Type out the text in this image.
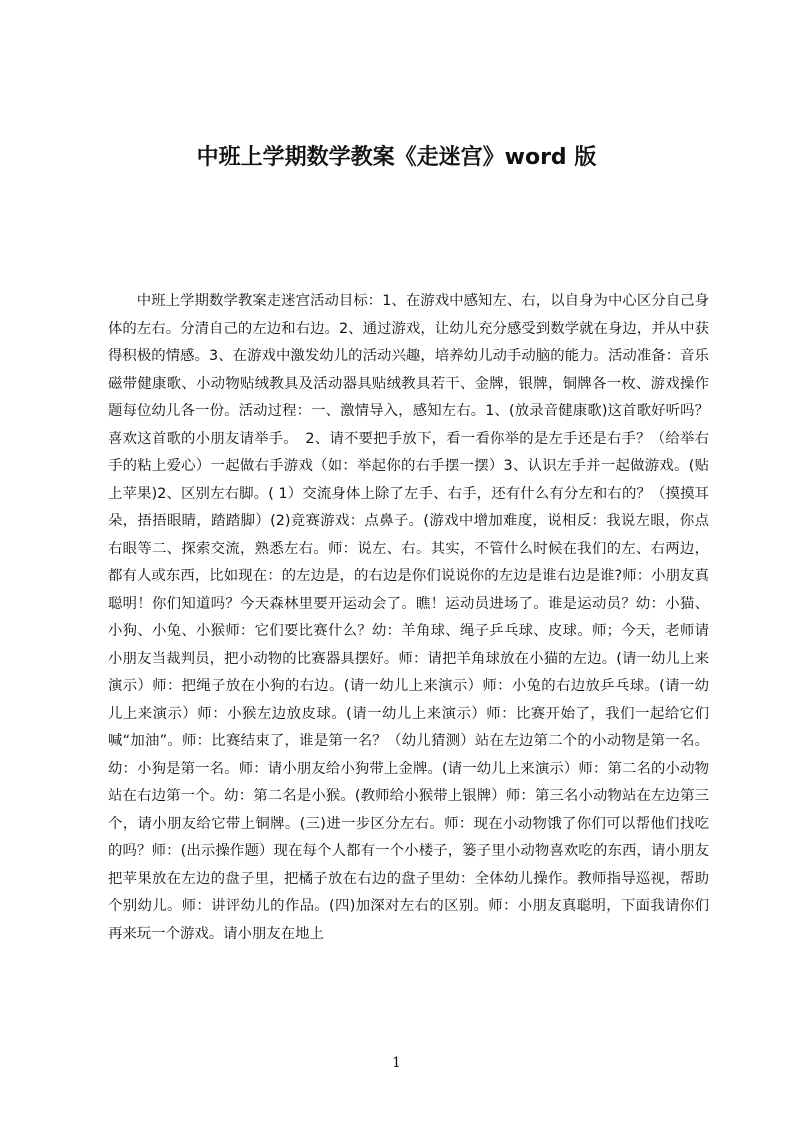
中班上学期数学教案《走迷宫》word 版

中班上学期数学教案走迷宫活动目标：1、在游戏中感知左、右，以自身为中心区分自己身体的左右。分清自己的左边和右边。2、通过游戏，让幼儿充分感受到数学就在身边，并从中获得积极的情感。3、在游戏中激发幼儿的活动兴趣，培养幼儿动手动脑的能力。活动准备：音乐磁带健康歌、小动物贴绒教具及活动器具贴绒教具若干、金牌，银牌，铜牌各一枚、游戏操作题每位幼儿各一份。活动过程：一、激情导入，感知左右。1、(放录音健康歌)这首歌好听吗？喜欢这首歌的小朋友请举手。　2、请不要把手放下，看一看你举的是左手还是右手？（给举右手的粘上爱心）一起做右手游戏（如：举起你的右手摆一摆）3、认识左手并一起做游戏。(贴上苹果)2、区别左右脚。( 1）交流身体上除了左手、右手，还有什么有分左和右的？（摸摸耳朵，捂捂眼睛，踏踏脚）(2)竞赛游戏：点鼻子。(游戏中增加难度，说相反：我说左眼，你点右眼等二、探索交流，熟悉左右。师：说左、右。其实，不管什么时候在我们的左、右两边，都有人或东西，比如现在：的左边是，的右边是你们说说你的左边是谁右边是谁?师：小朋友真聪明！你们知道吗？今天森林里要开运动会了。瞧！运动员进场了。谁是运动员？幼：小猫、小狗、小兔、小猴师：它们要比赛什么？幼：羊角球、绳子乒乓球、皮球。师；今天，老师请小朋友当裁判员，把小动物的比赛器具摆好。师：请把羊角球放在小猫的左边。(请一幼儿上来演示）师：把绳子放在小狗的右边。(请一幼儿上来演示）师：小兔的右边放乒乓球。(请一幼儿上来演示）师：小猴左边放皮球。(请一幼儿上来演示）师：比赛开始了，我们一起给它们喊“加油”。师：比赛结束了，谁是第一名？（幼儿猜测）站在左边第二个的小动物是第一名。幼：小狗是第一名。师：请小朋友给小狗带上金牌。(请一幼儿上来演示）师：第二名的小动物站在右边第一个。幼：第二名是小猴。(教师给小猴带上银牌）师：第三名小动物站在左边第三个，请小朋友给它带上铜牌。(三)进一步区分左右。师：现在小动物饿了你们可以帮他们找吃的吗？师：(出示操作题）现在每个人都有一个小楼子，篓子里小动物喜欢吃的东西，请小朋友把苹果放在左边的盘子里，把橘子放在右边的盘子里幼：全体幼儿操作。教师指导巡视，帮助个别幼儿。师：讲评幼儿的作品。(四)加深对左右的区别。师：小朋友真聪明，下面我请你们再来玩一个游戏。请小朋友在地上

1
